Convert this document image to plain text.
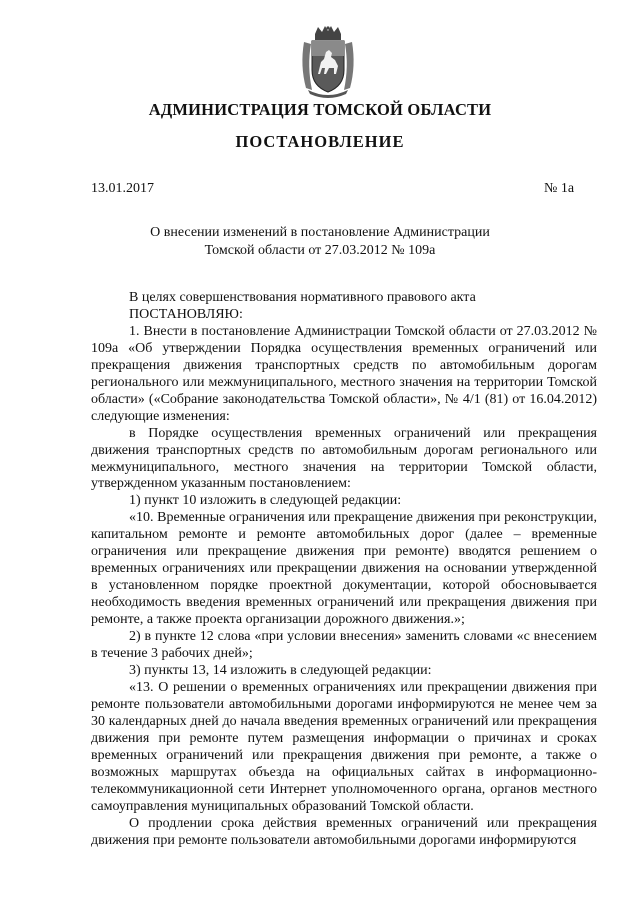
АДМИНИСТРАЦИЯ ТОМСКОЙ ОБЛАСТИ
ПОСТАНОВЛЕНИЕ
13.01.2017	№ 1а
О внесении изменений в постановление Администрации
Томской области от 27.03.2012 № 109а

В целях совершенствования нормативного правового акта

ПОСТАНОВЛЯЮ:

1. Внести в постановление Администрации Томской области от 27.03.2012 № 109а «Об утверждении Порядка осуществления временных ограничений или прекращения движения транспортных средств по автомобильным дорогам регионального или межмуниципального, местного значения на территории Томской области» («Собрание законодательства Томской области», № 4/1 (81) от 16.04.2012) следующие изменения:

в Порядке осуществления временных ограничений или прекращения движения транспортных средств по автомобильным дорогам регионального или межмуниципального, местного значения на территории Томской области, утвержденном указанным постановлением:

1) пункт 10 изложить в следующей редакции:

«10. Временные ограничения или прекращение движения при реконструкции, капитальном ремонте и ремонте автомобильных дорог (далее – временные ограничения или прекращение движения при ремонте) вводятся решением о временных ограничениях или прекращении движения на основании утвержденной в установленном порядке проектной документации, которой обосновывается необходимость введения временных ограничений или прекращения движения при ремонте, а также проекта организации дорожного движения.»;

2) в пункте 12 слова «при условии внесения» заменить словами «с внесением в течение 3 рабочих дней»;

3) пункты 13, 14 изложить в следующей редакции:

«13. О решении о временных ограничениях или прекращении движения при ремонте пользователи автомобильными дорогами информируются не менее чем за 30 календарных дней до начала введения временных ограничений или прекращения движения при ремонте путем размещения информации о причинах и сроках временных ограничений или прекращения движения при ремонте, а также о возможных маршрутах объезда на официальных сайтах в информационно-телекоммуникационной сети Интернет уполномоченного органа, органов местного самоуправления муниципальных образований Томской области.

О продлении срока действия временных ограничений или прекращения движения при ремонте пользователи автомобильными дорогами информируются
